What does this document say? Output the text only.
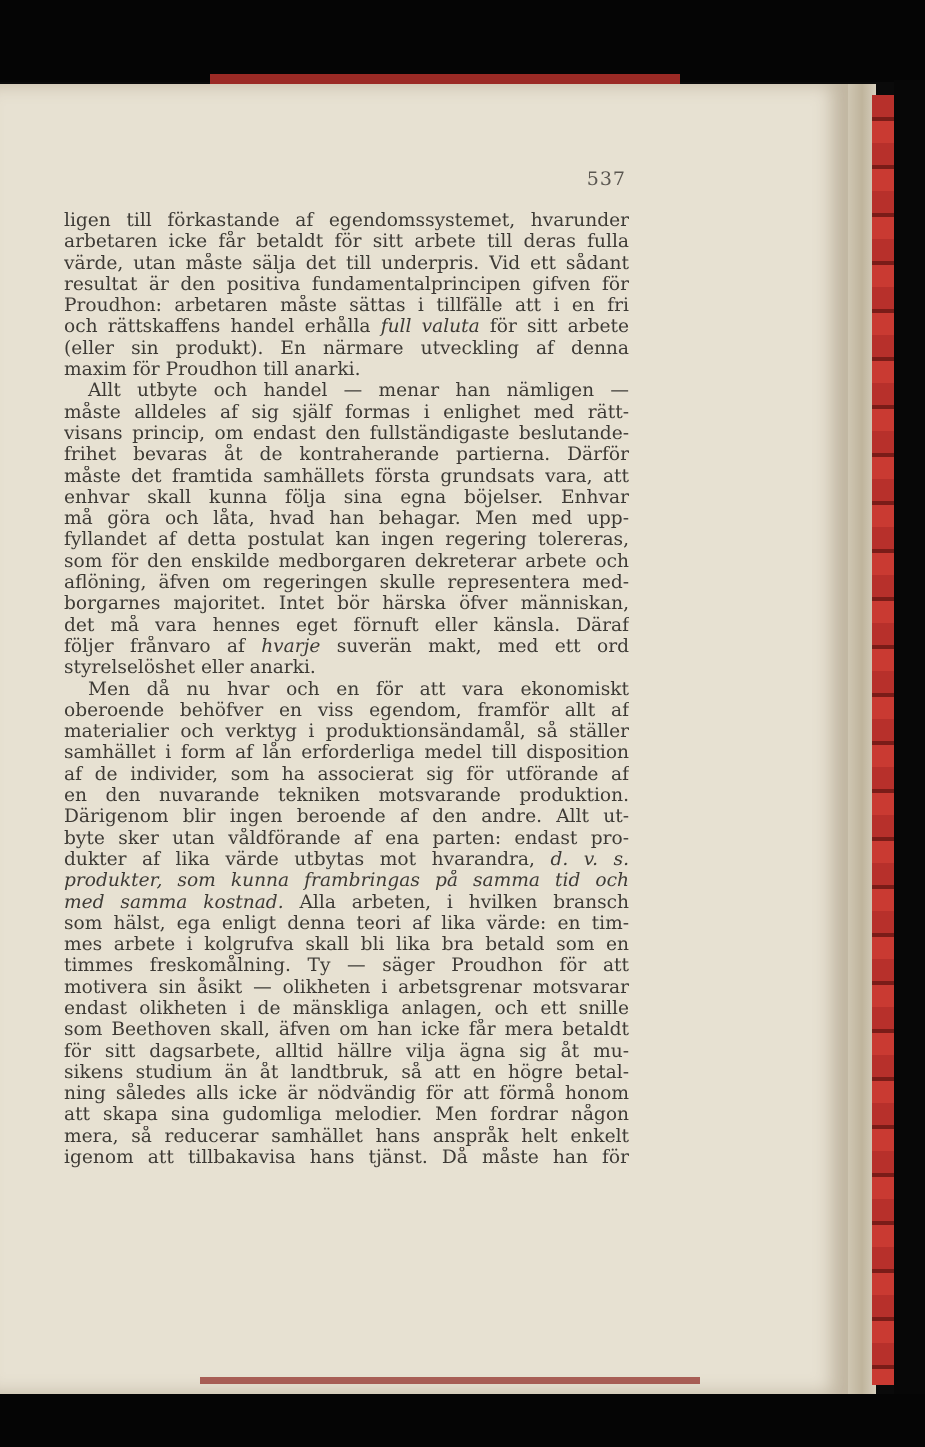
537
ligen till förkastande af egendomssystemet, hvarunder
arbetaren icke får betaldt för sitt arbete till deras fulla
värde, utan måste sälja det till underpris. Vid ett sådant
resultat är den positiva fundamentalprincipen gifven för
Proudhon: arbetaren måste sättas i tillfälle att i en fri
och rättskaffens handel erhålla full valuta för sitt arbete
(eller sin produkt). En närmare utveckling af denna
maxim för Proudhon till anarki.
Allt utbyte och handel — menar han nämligen —
måste alldeles af sig själf formas i enlighet med rätt-
visans princip, om endast den fullständigaste beslutande-
frihet bevaras åt de kontraherande partierna. Därför
måste det framtida samhällets första grundsats vara, att
enhvar skall kunna följa sina egna böjelser. Enhvar
må göra och låta, hvad han behagar. Men med upp-
fyllandet af detta postulat kan ingen regering tolereras,
som för den enskilde medborgaren dekreterar arbete och
aflöning, äfven om regeringen skulle representera med-
borgarnes majoritet. Intet bör härska öfver människan,
det må vara hennes eget förnuft eller känsla. Däraf
följer frånvaro af hvarje suverän makt, med ett ord
styrelselöshet eller anarki.
Men då nu hvar och en för att vara ekonomiskt
oberoende behöfver en viss egendom, framför allt af
materialier och verktyg i produktionsändamål, så ställer
samhället i form af lån erforderliga medel till disposition
af de individer, som ha associerat sig för utförande af
en den nuvarande tekniken motsvarande produktion.
Därigenom blir ingen beroende af den andre. Allt ut-
byte sker utan våldförande af ena parten: endast pro-
dukter af lika värde utbytas mot hvarandra, d. v. s.
produkter, som kunna frambringas på samma tid och
med samma kostnad. Alla arbeten, i hvilken bransch
som hälst, ega enligt denna teori af lika värde: en tim-
mes arbete i kolgrufva skall bli lika bra betald som en
timmes freskomålning. Ty — säger Proudhon för att
motivera sin åsikt — olikheten i arbetsgrenar motsvarar
endast olikheten i de mänskliga anlagen, och ett snille
som Beethoven skall, äfven om han icke får mera betaldt
för sitt dagsarbete, alltid hällre vilja ägna sig åt mu-
sikens studium än åt landtbruk, så att en högre betal-
ning således alls icke är nödvändig för att förmå honom
att skapa sina gudomliga melodier. Men fordrar någon
mera, så reducerar samhället hans anspråk helt enkelt
igenom att tillbakavisa hans tjänst. Då måste han för
